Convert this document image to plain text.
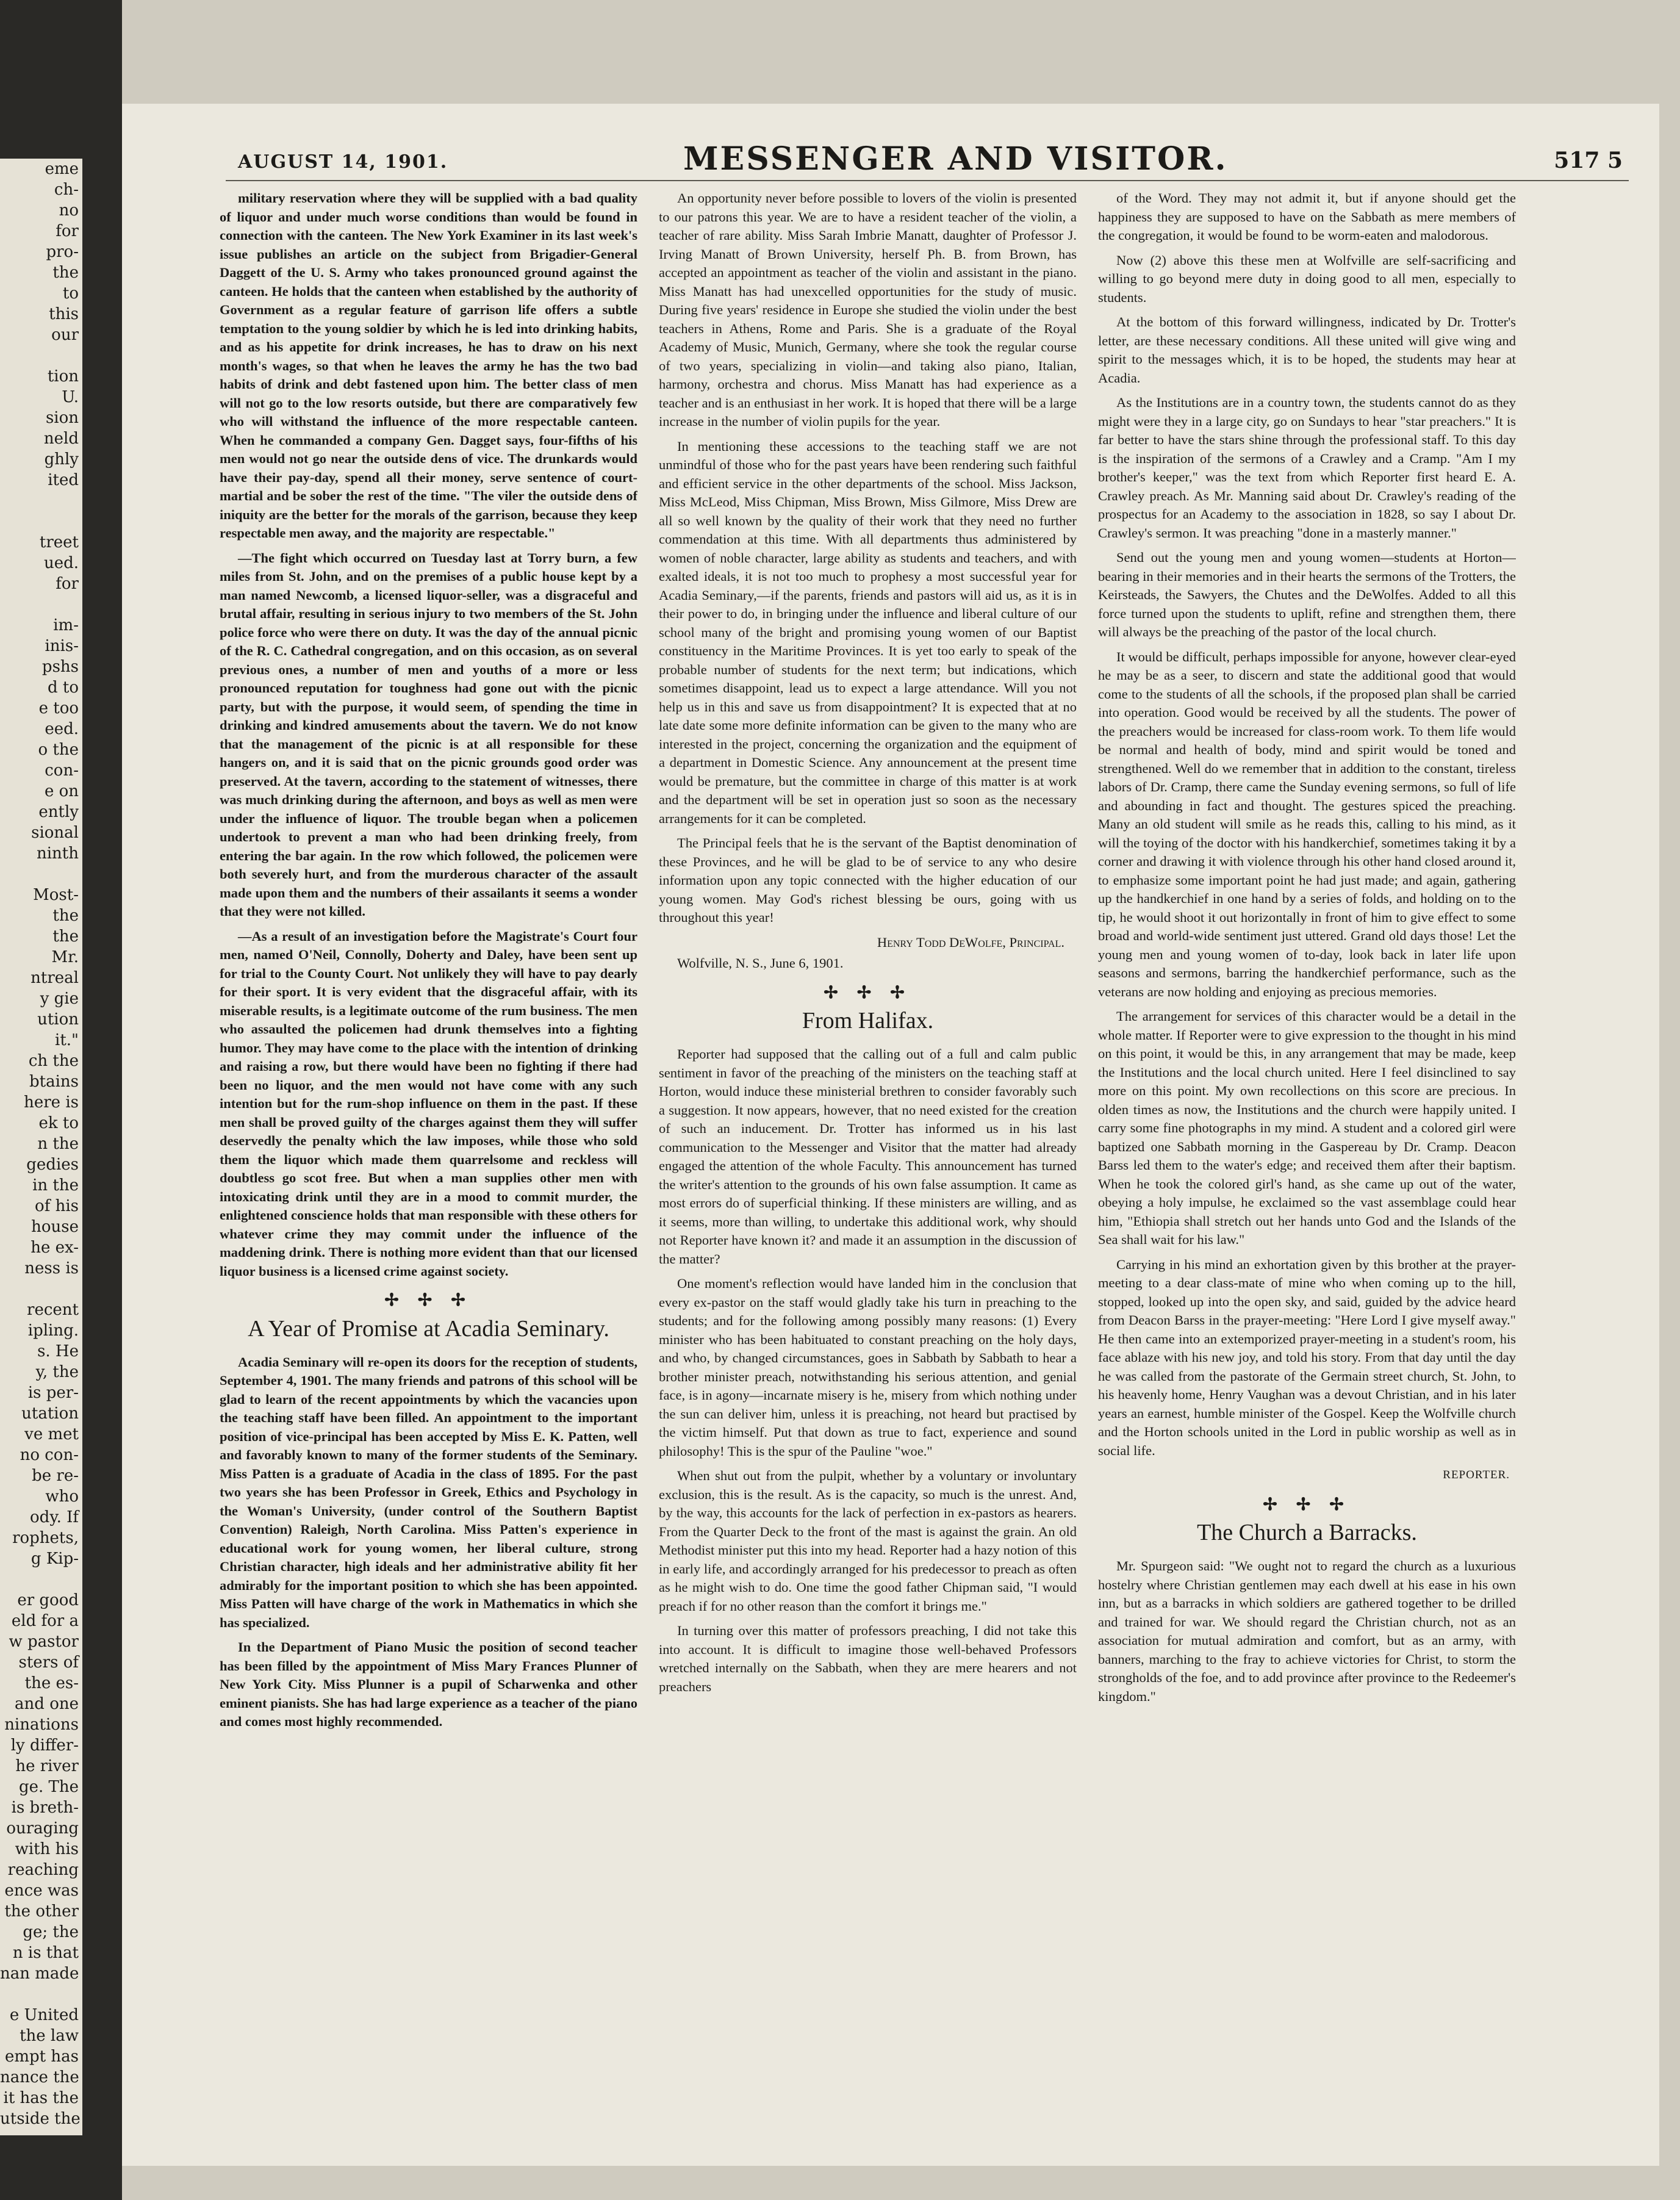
eme
ch-
no
for
pro-
the
to
this
our
tion
U.
sion
neld
ghly
ited
treet
ued.
for
im-
inis-
pshs
d to
e too
eed.
o the
con-
e on
ently
sional
ninth
Most-
the
the
Mr.
ntreal
y gie
ution
it."
ch the
btains
here is
ek to
n the
gedies
in the
of his
house
he ex-
ness is
recent
ipling.
s. He
y, the
is per-
utation
ve met
no con-
be re-
who
ody. If
rophets,
g Kip-
er good
eld for a
w pastor
sters of
the es-
and one
ninations
ly differ-
he river
ge. The
is breth-
ouraging
with his
reaching
ence was
the other
ge; the
n is that
nan made
e United
the law
empt has
nance the
it has the
utside the
AUGUST 14, 1901.	MESSENGER AND VISITOR.	517 5

military reservation where they will be supplied with a bad quality of liquor and under much worse conditions than would be found in connection with the canteen. The New York Examiner in its last week's issue publishes an article on the subject from Brigadier-General Daggett of the U. S. Army who takes pronounced ground against the canteen. He holds that the canteen when established by the authority of Government as a regular feature of garrison life offers a subtle temptation to the young soldier by which he is led into drinking habits, and as his appetite for drink increases, he has to draw on his next month's wages, so that when he leaves the army he has the two bad habits of drink and debt fastened upon him. The better class of men will not go to the low resorts outside, but there are comparatively few who will withstand the influence of the more respectable canteen. When he commanded a company Gen. Dagget says, four-fifths of his men would not go near the outside dens of vice. The drunkards would have their pay-day, spend all their money, serve sentence of court-martial and be sober the rest of the time. "The viler the outside dens of iniquity are the better for the morals of the garrison, because they keep respectable men away, and the majority are respectable."

—The fight which occurred on Tuesday last at Torry burn, a few miles from St. John, and on the premises of a public house kept by a man named Newcomb, a licensed liquor-seller, was a disgraceful and brutal affair, resulting in serious injury to two members of the St. John police force who were there on duty. It was the day of the annual picnic of the R. C. Cathedral congregation, and on this occasion, as on several previous ones, a number of men and youths of a more or less pronounced reputation for toughness had gone out with the picnic party, but with the purpose, it would seem, of spending the time in drinking and kindred amusements about the tavern. We do not know that the management of the picnic is at all responsible for these hangers on, and it is said that on the picnic grounds good order was preserved. At the tavern, according to the statement of witnesses, there was much drinking during the afternoon, and boys as well as men were under the influence of liquor. The trouble began when a policemen undertook to prevent a man who had been drinking freely, from entering the bar again. In the row which followed, the policemen were both severely hurt, and from the murderous character of the assault made upon them and the numbers of their assailants it seems a wonder that they were not killed.

—As a result of an investigation before the Magistrate's Court four men, named O'Neil, Connolly, Doherty and Daley, have been sent up for trial to the County Court. Not unlikely they will have to pay dearly for their sport. It is very evident that the disgraceful affair, with its miserable results, is a legitimate outcome of the rum business. The men who assaulted the policemen had drunk themselves into a fighting humor. They may have come to the place with the intention of drinking and raising a row, but there would have been no fighting if there had been no liquor, and the men would not have come with any such intention but for the rum-shop influence on them in the past. If these men shall be proved guilty of the charges against them they will suffer deservedly the penalty which the law imposes, while those who sold them the liquor which made them quarrelsome and reckless will doubtless go scot free. But when a man supplies other men with intoxicating drink until they are in a mood to commit murder, the enlightened conscience holds that man responsible with these others for whatever crime they may commit under the influence of the maddening drink. There is nothing more evident than that our licensed liquor business is a licensed crime against society.

✢ ✢ ✢
A Year of Promise at Acadia Seminary.

Acadia Seminary will re-open its doors for the reception of students, September 4, 1901. The many friends and patrons of this school will be glad to learn of the recent appointments by which the vacancies upon the teaching staff have been filled. An appointment to the important position of vice-principal has been accepted by Miss E. K. Patten, well and favorably known to many of the former students of the Seminary. Miss Patten is a graduate of Acadia in the class of 1895. For the past two years she has been Professor in Greek, Ethics and Psychology in the Woman's University, (under control of the Southern Baptist Convention) Raleigh, North Carolina. Miss Patten's experience in educational work for young women, her liberal culture, strong Christian character, high ideals and her administrative ability fit her admirably for the important position to which she has been appointed. Miss Patten will have charge of the work in Mathematics in which she has specialized.

In the Department of Piano Music the position of second teacher has been filled by the appointment of Miss Mary Frances Plunner of New York City. Miss Plunner is a pupil of Scharwenka and other eminent pianists. She has had large experience as a teacher of the piano and comes most highly recommended.

An opportunity never before possible to lovers of the violin is presented to our patrons this year. We are to have a resident teacher of the violin, a teacher of rare ability. Miss Sarah Imbrie Manatt, daughter of Professor J. Irving Manatt of Brown University, herself Ph. B. from Brown, has accepted an appointment as teacher of the violin and assistant in the piano. Miss Manatt has had unexcelled opportunities for the study of music. During five years' residence in Europe she studied the violin under the best teachers in Athens, Rome and Paris. She is a graduate of the Royal Academy of Music, Munich, Germany, where she took the regular course of two years, specializing in violin—and taking also piano, Italian, harmony, orchestra and chorus. Miss Manatt has had experience as a teacher and is an enthusiast in her work. It is hoped that there will be a large increase in the number of violin pupils for the year.

In mentioning these accessions to the teaching staff we are not unmindful of those who for the past years have been rendering such faithful and efficient service in the other departments of the school. Miss Jackson, Miss McLeod, Miss Chipman, Miss Brown, Miss Gilmore, Miss Drew are all so well known by the quality of their work that they need no further commendation at this time. With all departments thus administered by women of noble character, large ability as students and teachers, and with exalted ideals, it is not too much to prophesy a most successful year for Acadia Seminary,—if the parents, friends and pastors will aid us, as it is in their power to do, in bringing under the influence and liberal culture of our school many of the bright and promising young women of our Baptist constituency in the Maritime Provinces. It is yet too early to speak of the probable number of students for the next term; but indications, which sometimes disappoint, lead us to expect a large attendance. Will you not help us in this and save us from disappointment? It is expected that at no late date some more definite information can be given to the many who are interested in the project, concerning the organization and the equipment of a department in Domestic Science. Any announcement at the present time would be premature, but the committee in charge of this matter is at work and the department will be set in operation just so soon as the necessary arrangements for it can be completed.

The Principal feels that he is the servant of the Baptist denomination of these Provinces, and he will be glad to be of service to any who desire information upon any topic connected with the higher education of our young women. May God's richest blessing be ours, going with us throughout this year!

Henry Todd DeWolfe, Principal.
Wolfville, N. S., June 6, 1901.
✢ ✢ ✢
From Halifax.

Reporter had supposed that the calling out of a full and calm public sentiment in favor of the preaching of the ministers on the teaching staff at Horton, would induce these ministerial brethren to consider favorably such a suggestion. It now appears, however, that no need existed for the creation of such an inducement. Dr. Trotter has informed us in his last communication to the Messenger and Visitor that the matter had already engaged the attention of the whole Faculty. This announcement has turned the writer's attention to the grounds of his own false assumption. It came as most errors do of superficial thinking. If these ministers are willing, and as it seems, more than willing, to undertake this additional work, why should not Reporter have known it? and made it an assumption in the discussion of the matter?

One moment's reflection would have landed him in the conclusion that every ex-pastor on the staff would gladly take his turn in preaching to the students; and for the following among possibly many reasons: (1) Every minister who has been habituated to constant preaching on the holy days, and who, by changed circumstances, goes in Sabbath by Sabbath to hear a brother minister preach, notwithstanding his serious attention, and genial face, is in agony—incarnate misery is he, misery from which nothing under the sun can deliver him, unless it is preaching, not heard but practised by the victim himself. Put that down as true to fact, experience and sound philosophy! This is the spur of the Pauline "woe."

When shut out from the pulpit, whether by a voluntary or involuntary exclusion, this is the result. As is the capacity, so much is the unrest. And, by the way, this accounts for the lack of perfection in ex-pastors as hearers. From the Quarter Deck to the front of the mast is against the grain. An old Methodist minister put this into my head. Reporter had a hazy notion of this in early life, and accordingly arranged for his predecessor to preach as often as he might wish to do. One time the good father Chipman said, "I would preach if for no other reason than the comfort it brings me."

In turning over this matter of professors preaching, I did not take this into account. It is difficult to imagine those well-behaved Professors wretched internally on the Sabbath, when they are mere hearers and not preachers

of the Word. They may not admit it, but if anyone should get the happiness they are supposed to have on the Sabbath as mere members of the congregation, it would be found to be worm-eaten and malodorous.

Now (2) above this these men at Wolfville are self-sacrificing and willing to go beyond mere duty in doing good to all men, especially to students.

At the bottom of this forward willingness, indicated by Dr. Trotter's letter, are these necessary conditions. All these united will give wing and spirit to the messages which, it is to be hoped, the students may hear at Acadia.

As the Institutions are in a country town, the students cannot do as they might were they in a large city, go on Sundays to hear "star preachers." It is far better to have the stars shine through the professional staff. To this day is the inspiration of the sermons of a Crawley and a Cramp. "Am I my brother's keeper," was the text from which Reporter first heard E. A. Crawley preach. As Mr. Manning said about Dr. Crawley's reading of the prospectus for an Academy to the association in 1828, so say I about Dr. Crawley's sermon. It was preaching "done in a masterly manner."

Send out the young men and young women—students at Horton—bearing in their memories and in their hearts the sermons of the Trotters, the Keirsteads, the Sawyers, the Chutes and the DeWolfes. Added to all this force turned upon the students to uplift, refine and strengthen them, there will always be the preaching of the pastor of the local church.

It would be difficult, perhaps impossible for anyone, however clear-eyed he may be as a seer, to discern and state the additional good that would come to the students of all the schools, if the proposed plan shall be carried into operation. Good would be received by all the students. The power of the preachers would be increased for class-room work. To them life would be normal and health of body, mind and spirit would be toned and strengthened. Well do we remember that in addition to the constant, tireless labors of Dr. Cramp, there came the Sunday evening sermons, so full of life and abounding in fact and thought. The gestures spiced the preaching. Many an old student will smile as he reads this, calling to his mind, as it will the toying of the doctor with his handkerchief, sometimes taking it by a corner and drawing it with violence through his other hand closed around it, to emphasize some important point he had just made; and again, gathering up the handkerchief in one hand by a series of folds, and holding on to the tip, he would shoot it out horizontally in front of him to give effect to some broad and world-wide sentiment just uttered. Grand old days those! Let the young men and young women of to-day, look back in later life upon seasons and sermons, barring the handkerchief performance, such as the veterans are now holding and enjoying as precious memories.

The arrangement for services of this character would be a detail in the whole matter. If Reporter were to give expression to the thought in his mind on this point, it would be this, in any arrangement that may be made, keep the Institutions and the local church united. Here I feel disinclined to say more on this point. My own recollections on this score are precious. In olden times as now, the Institutions and the church were happily united. I carry some fine photographs in my mind. A student and a colored girl were baptized one Sabbath morning in the Gaspereau by Dr. Cramp. Deacon Barss led them to the water's edge; and received them after their baptism. When he took the colored girl's hand, as she came up out of the water, obeying a holy impulse, he exclaimed so the vast assemblage could hear him, "Ethiopia shall stretch out her hands unto God and the Islands of the Sea shall wait for his law."

Carrying in his mind an exhortation given by this brother at the prayer-meeting to a dear class-mate of mine who when coming up to the hill, stopped, looked up into the open sky, and said, guided by the advice heard from Deacon Barss in the prayer-meeting: "Here Lord I give myself away." He then came into an extemporized prayer-meeting in a student's room, his face ablaze with his new joy, and told his story. From that day until the day he was called from the pastorate of the Germain street church, St. John, to his heavenly home, Henry Vaughan was a devout Christian, and in his later years an earnest, humble minister of the Gospel. Keep the Wolfville church and the Horton schools united in the Lord in public worship as well as in social life.

REPORTER.
✢ ✢ ✢
The Church a Barracks.

Mr. Spurgeon said: "We ought not to regard the church as a luxurious hostelry where Christian gentlemen may each dwell at his ease in his own inn, but as a barracks in which soldiers are gathered together to be drilled and trained for war. We should regard the Christian church, not as an association for mutual admiration and comfort, but as an army, with banners, marching to the fray to achieve victories for Christ, to storm the strongholds of the foe, and to add province after province to the Redeemer's kingdom."
